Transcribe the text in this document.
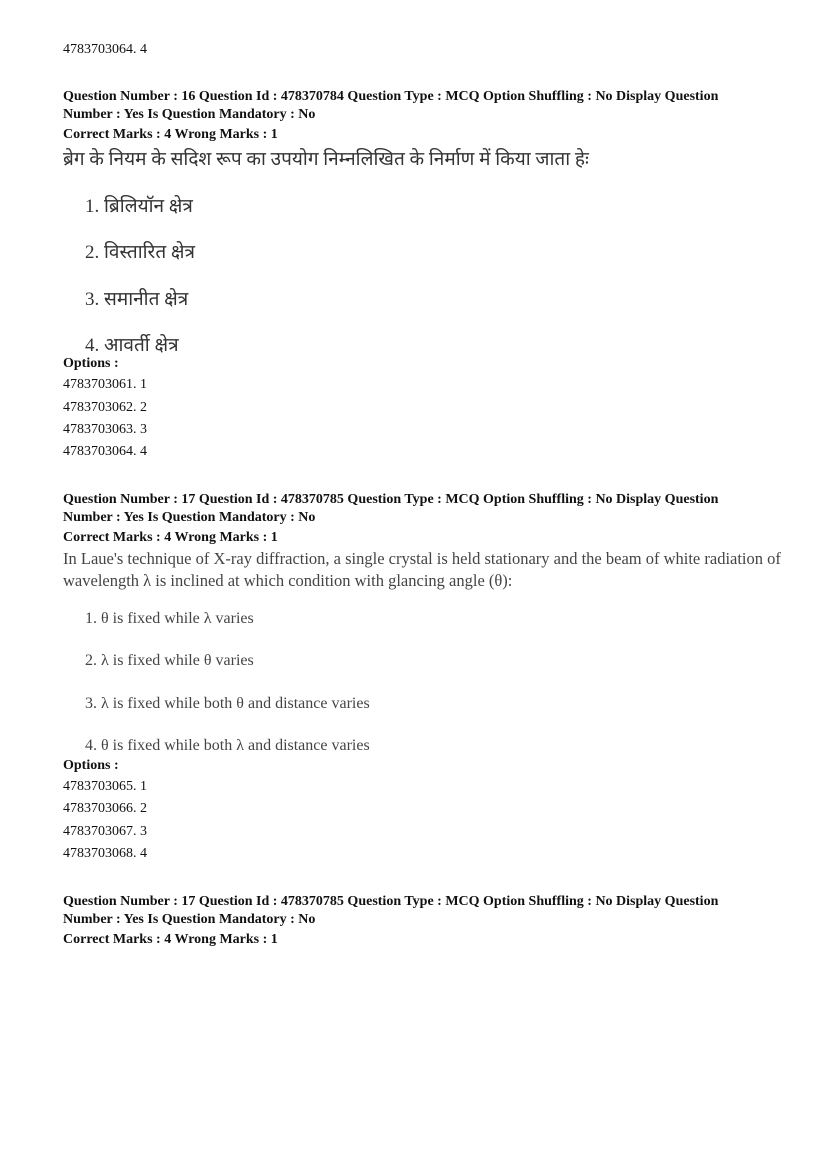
4783703064. 4
Question Number : 16 Question Id : 478370784 Question Type : MCQ Option Shuffling : No Display Question
Number : Yes Is Question Mandatory : No
Correct Marks : 4 Wrong Marks : 1
ब्रेग के नियम के सदिश रूप का उपयोग निम्नलिखित के निर्माण में किया जाता हेः
1. ब्रिलियॉन क्षेत्र
2. विस्तारित क्षेत्र
3. समानीत क्षेत्र
4. आवर्ती क्षेत्र
Options :
4783703061. 1
4783703062. 2
4783703063. 3
4783703064. 4
Question Number : 17 Question Id : 478370785 Question Type : MCQ Option Shuffling : No Display Question
Number : Yes Is Question Mandatory : No
Correct Marks : 4 Wrong Marks : 1
In Laue's technique of X-ray diffraction, a single crystal is held stationary and the beam of white radiation of wavelength λ is inclined at which condition with glancing angle (θ):
1. θ is fixed while λ varies
2. λ is fixed while θ varies
3. λ is fixed while both θ and distance varies
4. θ is fixed while both λ and distance varies
Options :
4783703065. 1
4783703066. 2
4783703067. 3
4783703068. 4
Question Number : 17 Question Id : 478370785 Question Type : MCQ Option Shuffling : No Display Question
Number : Yes Is Question Mandatory : No
Correct Marks : 4 Wrong Marks : 1
